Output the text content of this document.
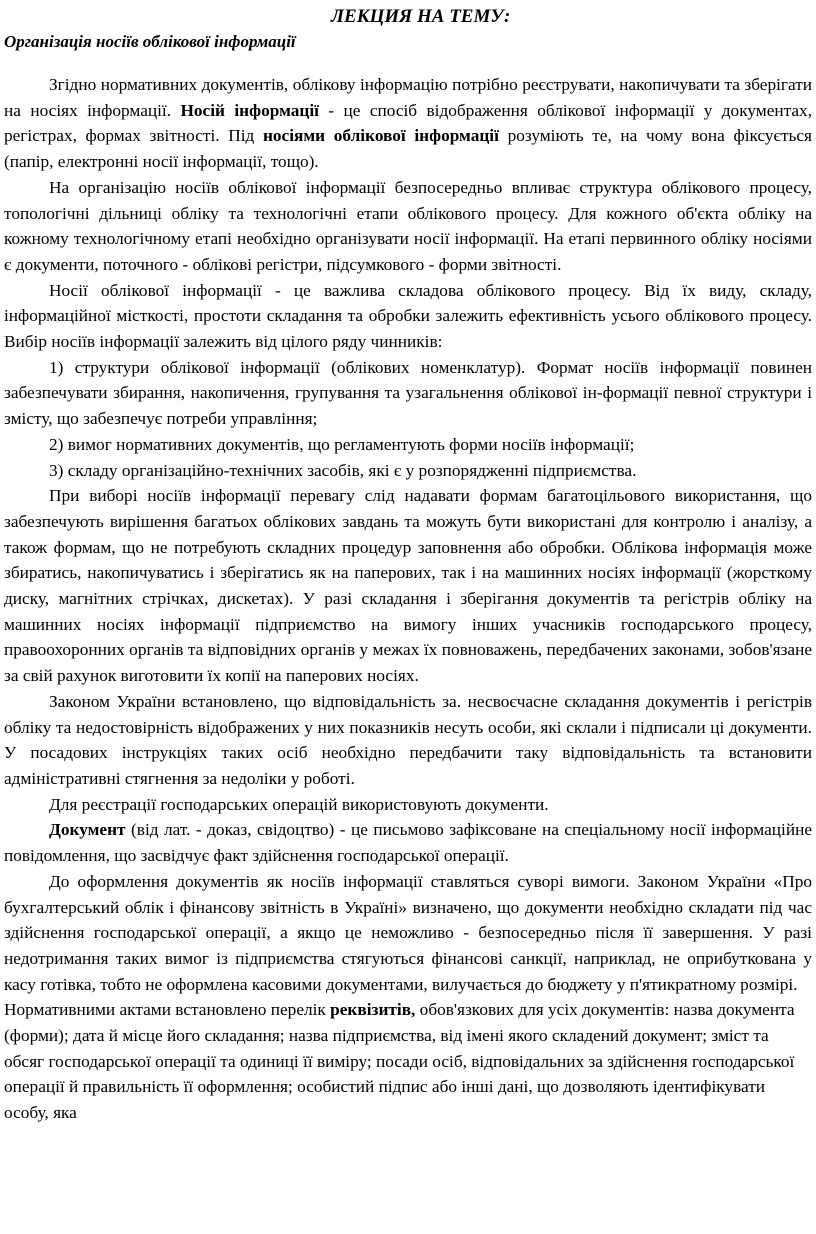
ЛЕКЦИЯ НА ТЕМУ:
Організація носіїв облікової інформації

Згідно нормативних документів, облікову інформацію потрібно реєструвати, накопичувати та зберігати на носіях інформації. Носій інформації - це спосіб відображення облікової інформації у документах, регістрах, формах звітності. Під носіями облікової інформації розуміють те, на чому вона фіксується (папір, електронні носії інформації, тощо).

На організацію носіїв облікової інформації безпосередньо впливає структура облікового процесу, топологічні дільниці обліку та технологічні етапи облікового процесу. Для кожного об'єкта обліку на кожному технологічному етапі необхідно організувати носії інформації. На етапі первинного обліку носіями є документи, поточного - облікові регістри, підсумкового - форми звітності.

Носії облікової інформації - це важлива складова облікового процесу. Від їх виду, складу, інформаційної місткості, простоти складання та обробки залежить ефективність усього облікового процесу. Вибір носіїв інформації залежить від цілого ряду чинників:

1) структури облікової інформації (облікових номенклатур). Формат носіїв інформації повинен забезпечувати збирання, накопичення, групування та узагальнення облікової ін-формації певної структури і змісту, що забезпечує потреби управління;

2) вимог нормативних документів, що регламентують форми носіїв інформації;

3) складу організаційно-технічних засобів, які є у розпорядженні підприємства.

При виборі носіїв інформації перевагу слід надавати формам багатоцільового використання, що забезпечують вирішення багатьох облікових завдань та можуть бути використані для контролю і аналізу, а також формам, що не потребують складних процедур заповнення або обробки. Облікова інформація може збиратись, накопичуватись і зберігатись як на паперових, так і на машинних носіях інформації (жорсткому диску, магнітних стрічках, дискетах). У разі складання і зберігання документів та регістрів обліку на машинних носіях інформації підприємство на вимогу інших учасників господарського процесу, правоохоронних органів та відповідних органів у межах їх повноважень, передбачених законами, зобов'язане за свій рахунок виготовити їх копії на паперових носіях.

Законом України встановлено, що відповідальність за. несвоєчасне складання документів і регістрів обліку та недостовірність відображених у них показників несуть особи, які склали і підписали ці документи. У посадових інструкціях таких осіб необхідно передбачити таку відповідальність та встановити адміністративні стягнення за недоліки у роботі.

Для реєстрації господарських операцій використовують документи.

Документ (від лат. - доказ, свідоцтво) - це письмово зафіксоване на спеціальному носії інформаційне повідомлення, що засвідчує факт здійснення господарської операції.

До оформлення документів як носіїв інформації ставляться суворі вимоги. Законом України «Про бухгалтерський облік і фінансову звітність в Україні» визначено, що документи необхідно складати під час здійснення господарської операції, а якщо це неможливо - безпосередньо після її завершення. У разі недотримання таких вимог із підприємства стягуються фінансові санкції, наприклад, не оприбуткована у касу готівка, тобто не оформлена касовими документами, вилучається до бюджету у п'ятикратному розмірі.

Нормативними актами встановлено перелік реквізитів, обов'язкових для усіх документів: назва документа (форми); дата й місце його складання; назва підприємства, від імені якого складений документ; зміст та обсяг господарської операції та одиниці її виміру; посади осіб, відповідальних за здійснення господарської операції й правильність її оформлення; особистий підпис або інші дані, що дозволяють ідентифікувати особу, яка
